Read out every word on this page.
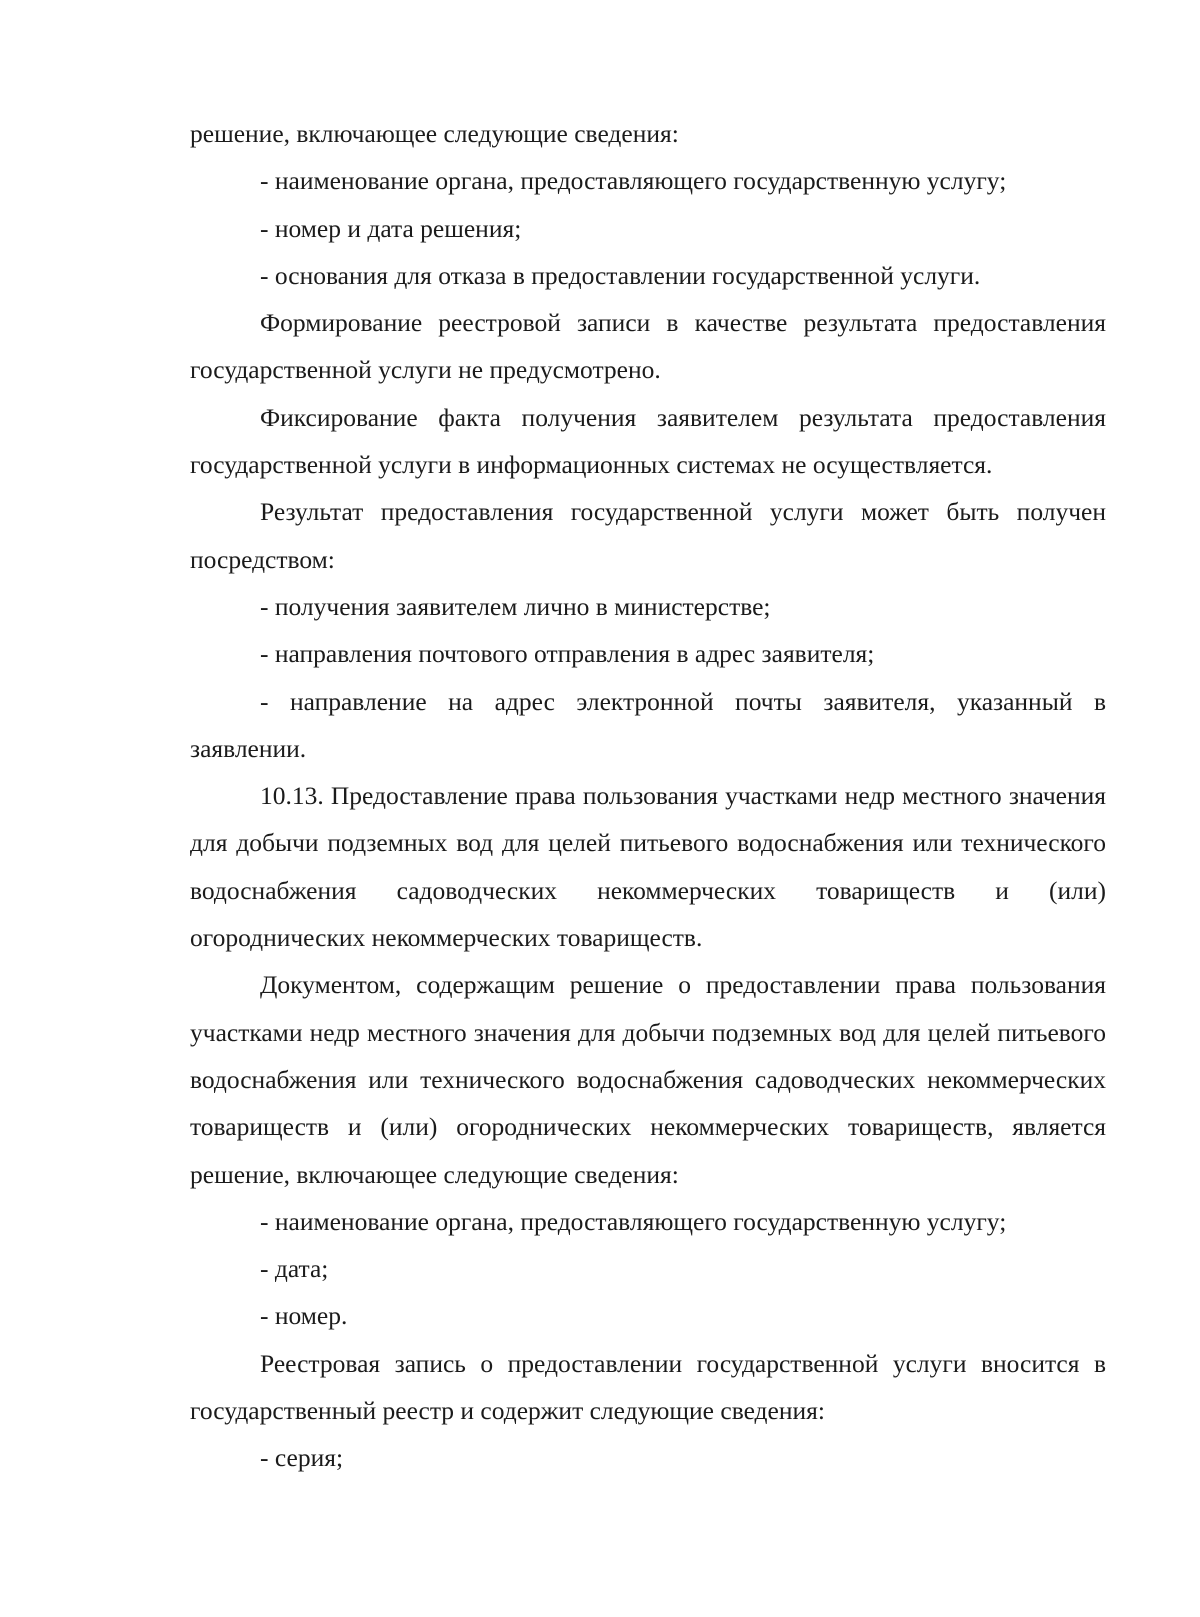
решение, включающее следующие сведения:

- наименование органа, предоставляющего государственную услугу;

- номер и дата решения;

- основания для отказа в предоставлении государственной услуги.

Формирование реестровой записи в качестве результата предоставления государственной услуги не предусмотрено.

Фиксирование факта получения заявителем результата предоставления государственной услуги в информационных системах не осуществляется.

Результат предоставления государственной услуги может быть получен посредством:

- получения заявителем лично в министерстве;

- направления почтового отправления в адрес заявителя;

- направление на адрес электронной почты заявителя, указанный в заявлении.

10.13. Предоставление права пользования участками недр местного значения для добычи подземных вод для целей питьевого водоснабжения или технического водоснабжения садоводческих некоммерческих товариществ и (или) огороднических некоммерческих товариществ.

Документом, содержащим решение о предоставлении права пользования участками недр местного значения для добычи подземных вод для целей питьевого водоснабжения или технического водоснабжения садоводческих некоммерческих товариществ и (или) огороднических некоммерческих товариществ, является решение, включающее следующие сведения:

- наименование органа, предоставляющего государственную услугу;

- дата;

- номер.

Реестровая запись о предоставлении государственной услуги вносится в государственный реестр и содержит следующие сведения:

- серия;
